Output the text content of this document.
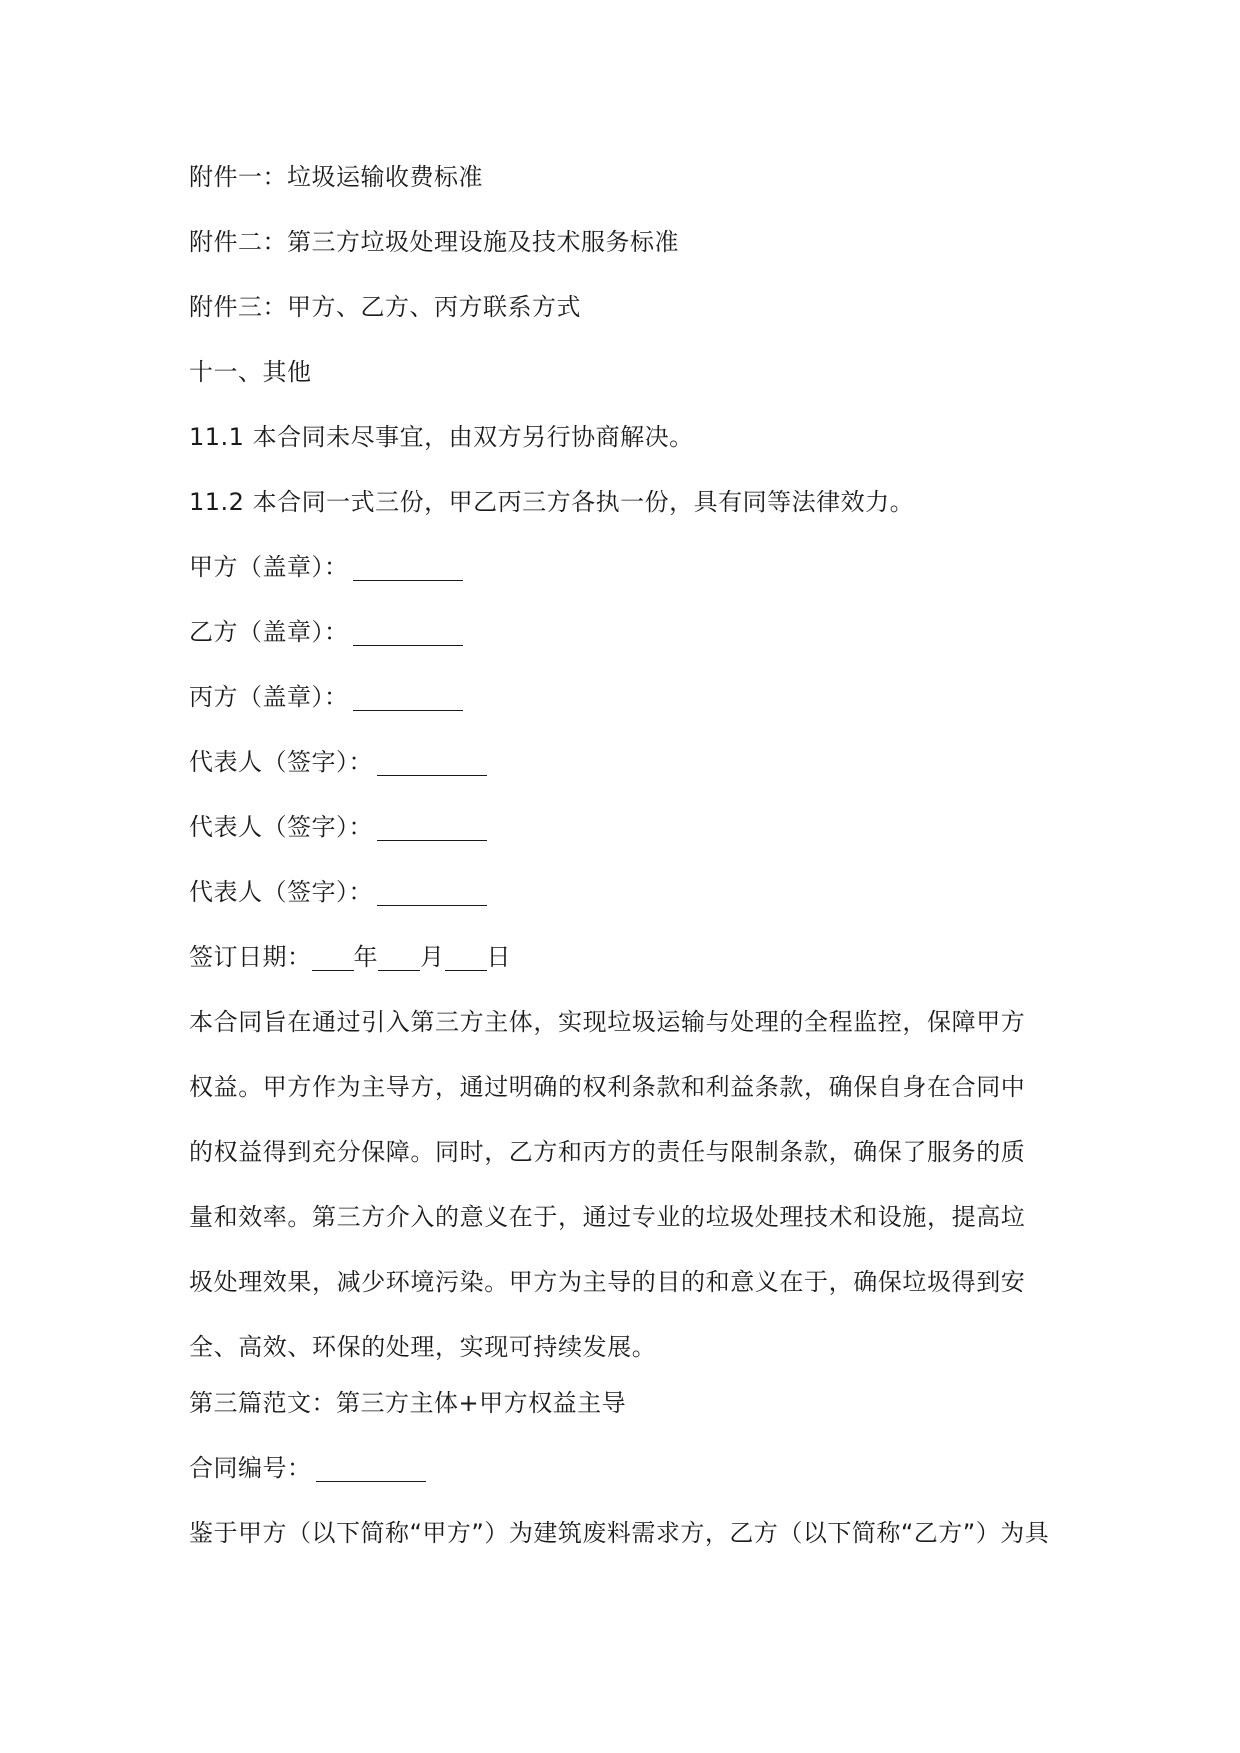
附件一：垃圾运输收费标准
附件二：第三方垃圾处理设施及技术服务标准
附件三：甲方、乙方、丙方联系方式
十一、其他
11.1 本合同未尽事宜，由双方另行协商解决。
11.2 本合同一式三份，甲乙丙三方各执一份，具有同等法律效力。
甲方（盖章）：
乙方（盖章）：
丙方（盖章）：
代表人（签字）：
代表人（签字）：
代表人（签字）：
签订日期： 年 月 日
本合同旨在通过引入第三方主体，实现垃圾运输与处理的全程监控，保障甲方
权益。甲方作为主导方，通过明确的权利条款和利益条款，确保自身在合同中
的权益得到充分保障。同时，乙方和丙方的责任与限制条款，确保了服务的质
量和效率。第三方介入的意义在于，通过专业的垃圾处理技术和设施，提高垃
圾处理效果，减少环境污染。甲方为主导的目的和意义在于，确保垃圾得到安
全、高效、环保的处理，实现可持续发展。
第三篇范文：第三方主体+甲方权益主导
合同编号：
鉴于甲方（以下简称“甲方”）为建筑废料需求方，乙方（以下简称“乙方”）为具
